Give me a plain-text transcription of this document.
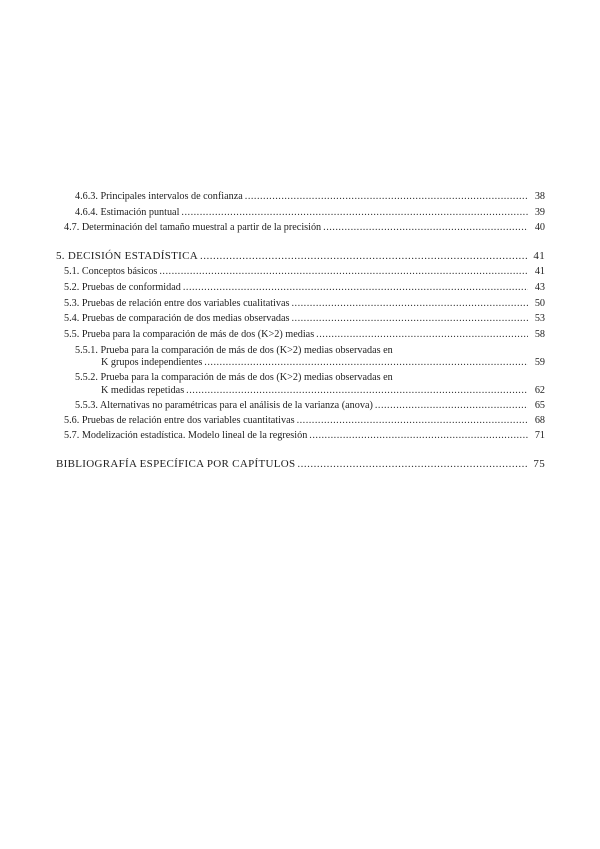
4.6.3. Principales intervalos de confianza .....	38
4.6.4. Estimación puntual .....	39
4.7. Determinación del tamaño muestral a partir de la precisión .....	40
5. DECISIÓN ESTADÍSTICA .....	41
5.1. Conceptos básicos .....	41
5.2. Pruebas de conformidad .....	43
5.3. Pruebas de relación entre dos variables cualitativas .....	50
5.4. Pruebas de comparación de dos medias observadas .....	53
5.5. Prueba para la comparación de más de dos (K>2) medias .....	58
5.5.1. Prueba para la comparación de más de dos (K>2) medias observadas en
K grupos independientes .....	59
5.5.2. Prueba para la comparación de más de dos (K>2) medias observadas en
K medidas repetidas .....	62
5.5.3. Alternativas no paramétricas para el análisis de la varianza (anova) .....	65
5.6. Pruebas de relación entre dos variables cuantitativas .....	68
5.7. Modelización estadística. Modelo lineal de la regresión .....	71
BIBLIOGRAFÍA ESPECÍFICA POR CAPÍTULOS .....	75
